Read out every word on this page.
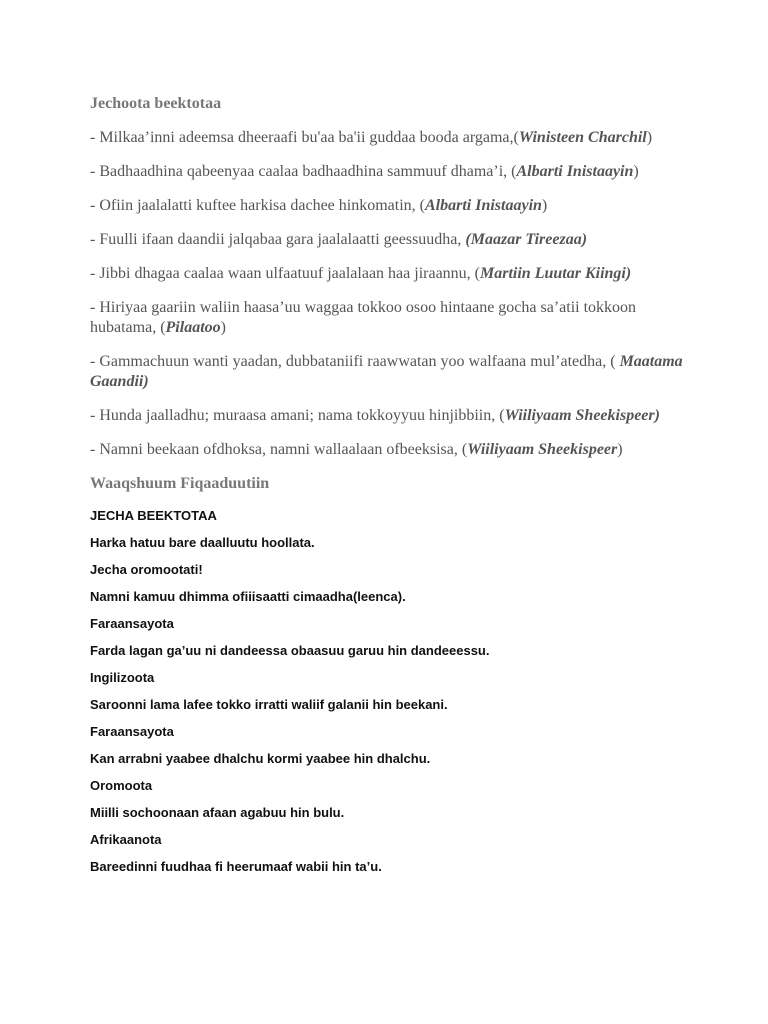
Jechoota beektotaa

- Milkaa’inni adeemsa dheeraafi bu'aa ba'ii guddaa booda argama,(Winisteen Charchil)

- Badhaadhina qabeenyaa caalaa badhaadhina sammuuf dhama’i, (Albarti Inistaayin)

- Ofiin jaalalatti kuftee harkisa dachee hinkomatin, (Albarti Inistaayin)

- Fuulli ifaan daandii jalqabaa gara jaalalaatti geessuudha, (Maazar Tireezaa)

- Jibbi dhagaa caalaa waan ulfaatuuf jaalalaan haa jiraannu, (Martiin Luutar Kiingi)

- Hiriyaa gaariin waliin haasa’uu waggaa tokkoo osoo hintaane gocha sa’atii tokkoon hubatama, (Pilaatoo)

- Gammachuun wanti yaadan, dubbataniifi raawwatan yoo walfaana mul’atedha, ( Maatama Gaandii)

- Hunda jaalladhu; muraasa amani; nama tokkoyyuu hinjibbiin, (Wiiliyaam Sheekispeer)

- Namni beekaan ofdhoksa, namni wallaalaan ofbeeksisa, (Wiiliyaam Sheekispeer)

Waaqshuum Fiqaaduutiin

JECHA BEEKTOTAA

Harka hatuu bare daalluutu hoollata.

Jecha oromootati!

Namni kamuu dhimma ofiiisaatti cimaadha(leenca).

Faraansayota

Farda lagan ga’uu ni dandeessa obaasuu garuu hin dandeeessu.

Ingilizoota

Saroonni lama lafee tokko irratti waliif galanii hin beekani.

Faraansayota

Kan arrabni yaabee dhalchu kormi yaabee hin dhalchu.

Oromoota

Miilli sochoonaan afaan agabuu hin bulu.

Afrikaanota

Bareedinni fuudhaa fi heerumaaf wabii hin ta’u.
